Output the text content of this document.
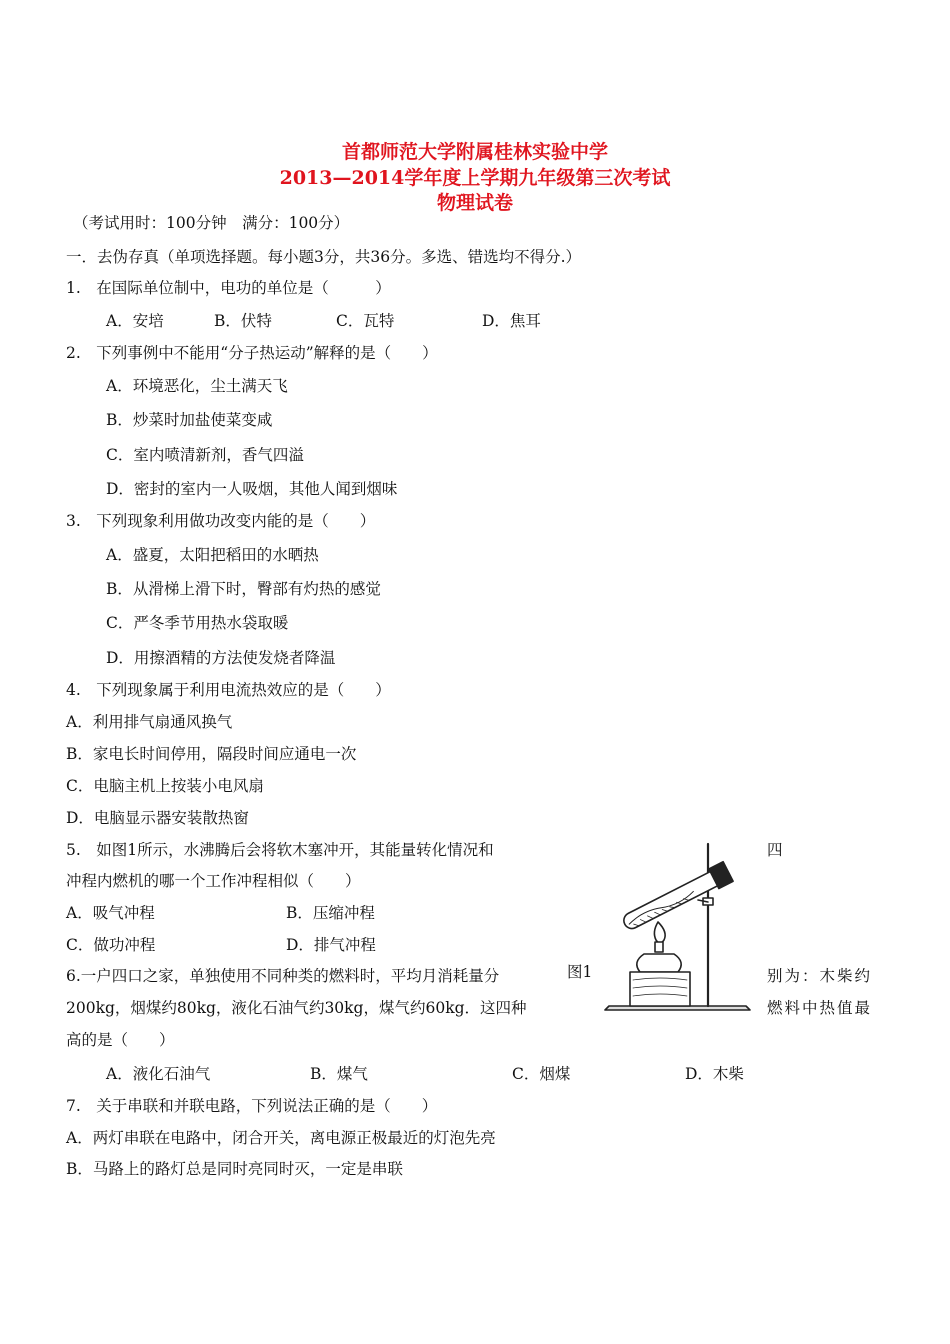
首都师范大学附属桂林实验中学
2013—2014学年度上学期九年级第三次考试
物理试卷
（考试用时：100分钟　满分：100分）
一．去伪存真（单项选择题。每小题3分，共36分。多选、错选均不得分.）
1.　在国际单位制中，电功的单位是（　　　）
A．安培	B．伏特	C．瓦特	D．焦耳
2.　下列事例中不能用“分子热运动”解释的是（　　）
A．环境恶化，尘土满天飞
B．炒菜时加盐使菜变咸
C．室内喷清新剂，香气四溢
D．密封的室内一人吸烟，其他人闻到烟味
3.　下列现象利用做功改变内能的是（　　）
A．盛夏，太阳把稻田的水晒热
B．从滑梯上滑下时，臀部有灼热的感觉
C．严冬季节用热水袋取暖
D．用擦酒精的方法使发烧者降温
4.　下列现象属于利用电流热效应的是（　　）
A．利用排气扇通风换气
B．家电长时间停用，隔段时间应通电一次
C．电脑主机上按装小电风扇
D．电脑显示器安装散热窗
5.　如图1所示，水沸腾后会将软木塞冲开，其能量转化情况和	四
冲程内燃机的哪一个工作冲程相似（　　）
A．吸气冲程	B．压缩冲程
C．做功冲程	D．排气冲程
图1
6.一户四口之家，单独使用不同种类的燃料时，平均月消耗量分	别为：木柴约
200kg，烟煤约80kg，液化石油气约30kg，煤气约60kg．这四种	燃料中热值最
高的是（　　）
A．液化石油气	B．煤气	C．烟煤	D．木柴
7.　关于串联和并联电路，下列说法正确的是（　　）
A．两灯串联在电路中，闭合开关，离电源正极最近的灯泡先亮
B．马路上的路灯总是同时亮同时灭，一定是串联
